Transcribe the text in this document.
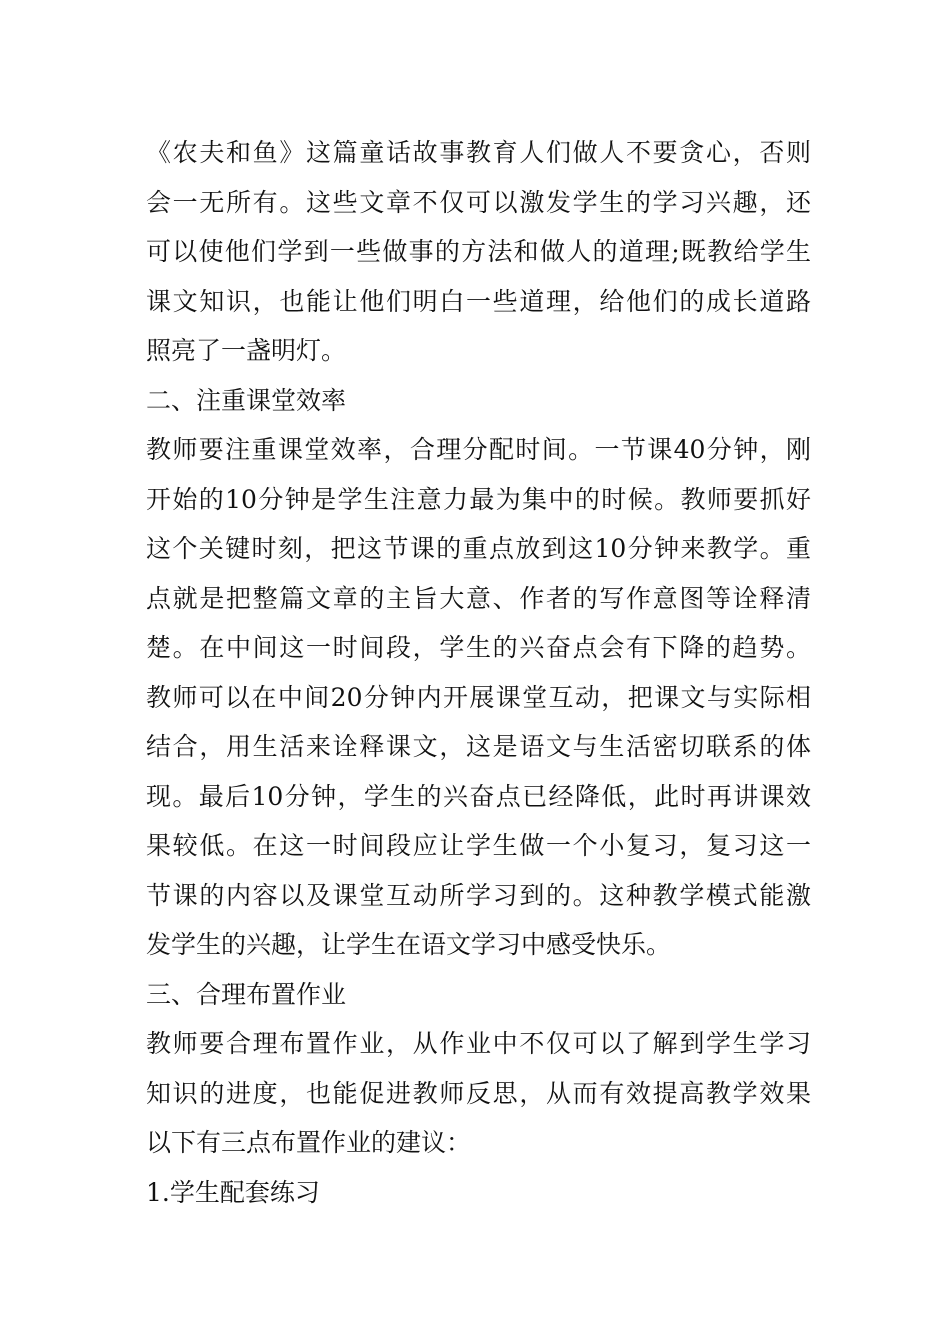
《农夫和鱼》这篇童话故事教育人们做人不要贪心，否则
会一无所有。这些文章不仅可以激发学生的学习兴趣，还
可以使他们学到一些做事的方法和做人的道理;既教给学生
课文知识，也能让他们明白一些道理，给他们的成长道路
照亮了一盏明灯。
二、注重课堂效率
教师要注重课堂效率，合理分配时间。一节课40分钟，刚
开始的10分钟是学生注意力最为集中的时候。教师要抓好
这个关键时刻，把这节课的重点放到这10分钟来教学。重
点就是把整篇文章的主旨大意、作者的写作意图等诠释清
楚。在中间这一时间段，学生的兴奋点会有下降的趋势。
教师可以在中间20分钟内开展课堂互动，把课文与实际相
结合，用生活来诠释课文，这是语文与生活密切联系的体
现。最后10分钟，学生的兴奋点已经降低，此时再讲课效
果较低。在这一时间段应让学生做一个小复习，复习这一
节课的内容以及课堂互动所学习到的。这种教学模式能激
发学生的兴趣，让学生在语文学习中感受快乐。
三、合理布置作业
教师要合理布置作业，从作业中不仅可以了解到学生学习
知识的进度，也能促进教师反思，从而有效提高教学效果
以下有三点布置作业的建议：
1.学生配套练习
